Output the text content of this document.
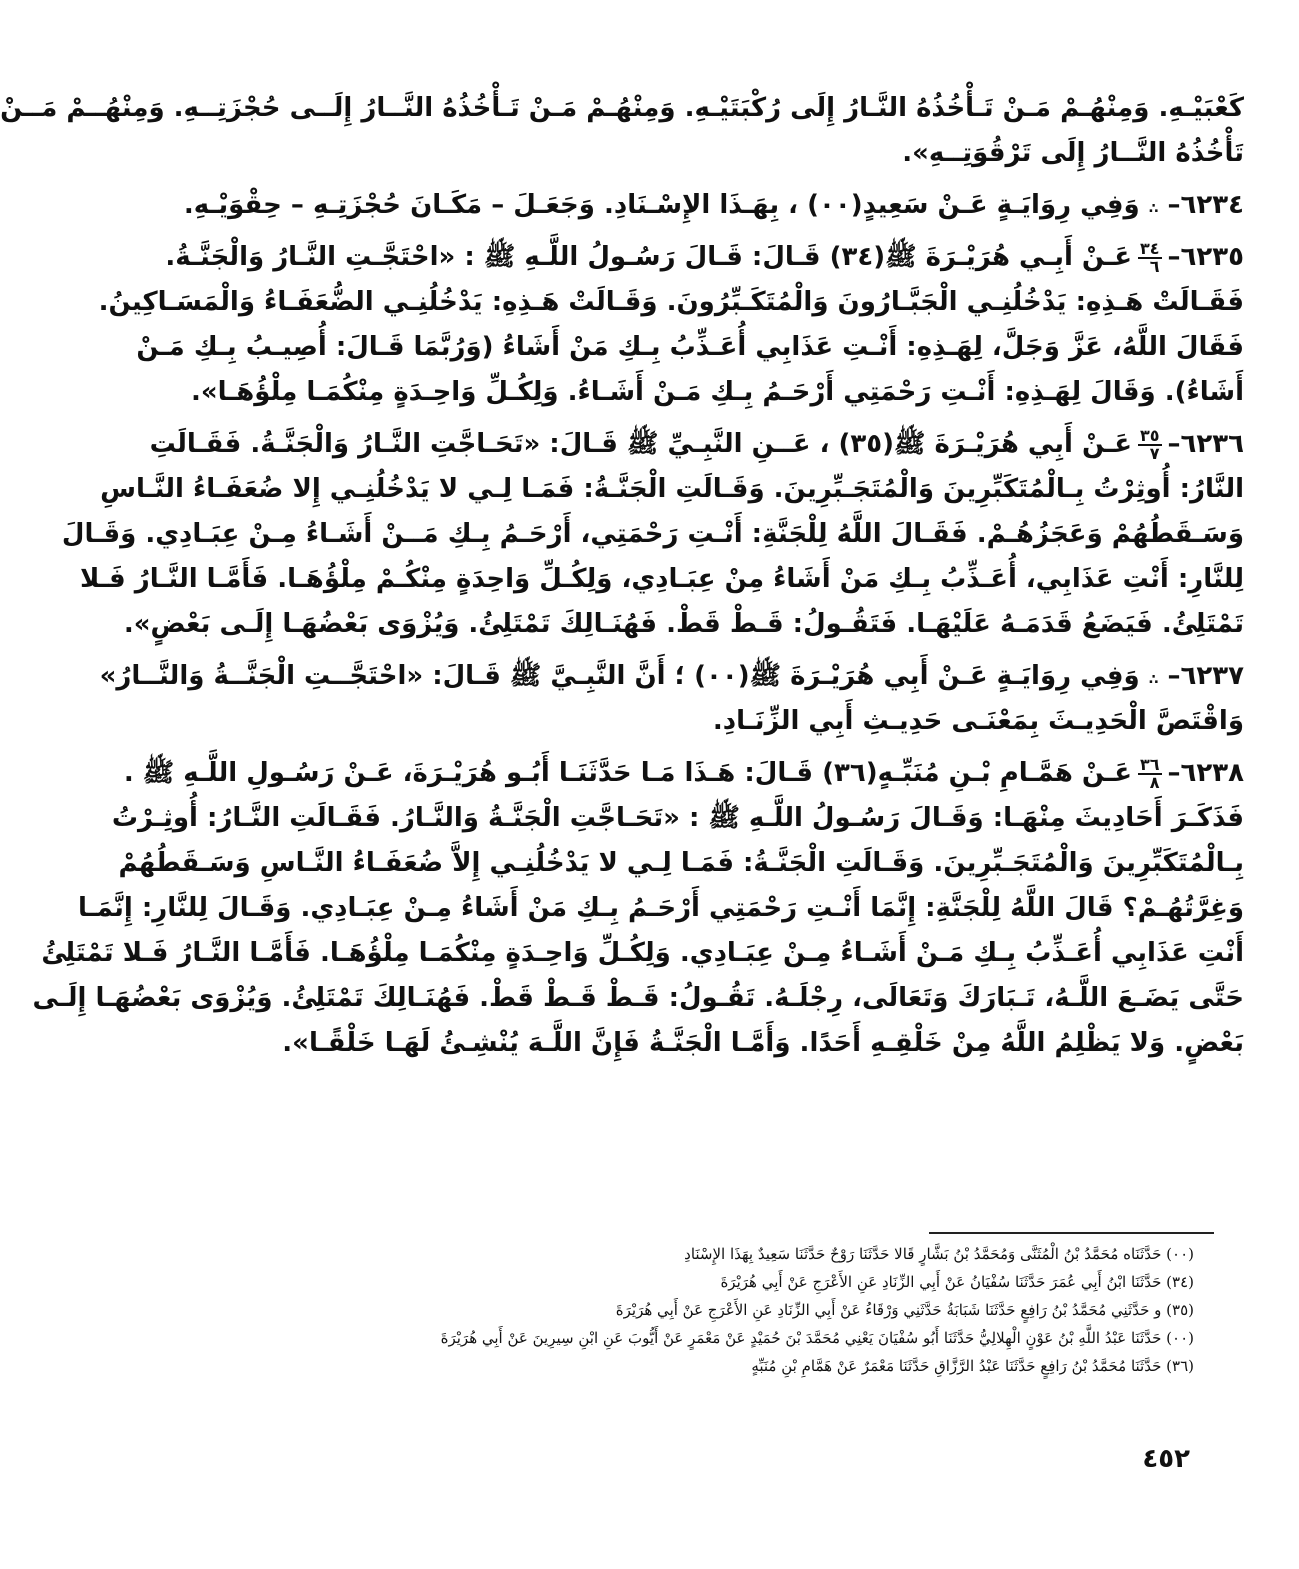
كَعْبَيْـهِ. وَمِنْهُـمْ مَـنْ تَـأْخُذُهُ النَّـارُ إِلَى رُكْبَتَيْـهِ. وَمِنْهُـمْ مَـنْ تَـأْخُذُهُ النَّــارُ إِلَــى حُجْزَتِــهِ. وَمِنْهُــمْ مَــنْ
تَأْخُذُهُ النَّــارُ إِلَى تَرْقُوَتِــهِ».
٦٢٣٤– ∴ وَفِي رِوَايَـةٍ عَـنْ سَعِيدٍ(٠٠) ، بِهَـذَا الإِسْـنَادِ. وَجَعَـلَ – مَكَـانَ حُجْزَتِـهِ – حِقْوَيْـهِ.
٦٢٣٥–
$\frac{٣٤}{٦}$
عَـنْ أَبِـي هُرَيْـرَةَ ﷺ(٣٤) قَـالَ: قَـالَ رَسُـولُ اللَّـهِ ﷺ : «احْتَجَّـتِ النَّـارُ وَالْجَنَّـةُ.
فَقَـالَتْ هَـذِهِ: يَدْخُلُنِـي الْجَبَّـارُونَ وَالْمُتَكَـبِّرُونَ. وَقَـالَتْ هَـذِهِ: يَدْخُلُنِـي الضُّعَفَـاءُ وَالْمَسَـاكِينُ.
فَقَالَ اللَّهُ، عَزَّ وَجَلَّ، لِهَـذِهِ: أَنْـتِ عَذَابِي أُعَـذِّبُ بِـكِ مَنْ أَشَاءُ (وَرُبَّمَا قَـالَ: أُصِيـبُ بِـكِ مَـنْ
أَشَاءُ). وَقَالَ لِهَـذِهِ: أَنْـتِ رَحْمَتِي أَرْحَـمُ بِـكِ مَـنْ أَشَـاءُ. وَلِكُـلِّ وَاحِـدَةٍ مِنْكُمَـا مِلْؤُهَـا».
٦٢٣٦–
$\frac{٣٥}{٧}$
عَـنْ أَبِي هُرَيْـرَةَ ﷺ(٣٥) ، عَــنِ النَّبِـيِّ ﷺ قَـالَ: «تَحَـاجَّتِ النَّـارُ وَالْجَنَّـةُ. فَقَـالَتِ
النَّارُ: أُوثِرْتُ بِـالْمُتَكَبِّرِينَ وَالْمُتَجَـبِّرِينَ. وَقَـالَتِ الْجَنَّـةُ: فَمَـا لِـي لا يَدْخُلُنِـي إِلا ضُعَفَـاءُ النَّـاسِ
وَسَـقَطُهُمْ وَعَجَزُهُـمْ. فَقَـالَ اللَّهُ لِلْجَنَّةِ: أَنْـتِ رَحْمَتِي، أَرْحَـمُ بِـكِ مَــنْ أَشَـاءُ مِـنْ عِبَـادِي. وَقَـالَ
لِلنَّارِ: أَنْتِ عَذَابِي، أُعَـذِّبُ بِـكِ مَنْ أَشَاءُ مِنْ عِبَـادِي، وَلِكُـلِّ وَاحِدَةٍ مِنْكُـمْ مِلْؤُهَـا. فَأَمَّـا النَّـارُ فَـلا
تَمْتَلِئُ. فَيَضَعُ قَدَمَـهُ عَلَيْهَـا. فَتَقُـولُ: قَـطْ قَطْ. فَهُنَـالِكَ تَمْتَلِئُ. وَيُزْوَى بَعْضُهَـا إِلَـى بَعْضٍ».
٦٢٣٧– ∴ وَفِي رِوَايَـةٍ عَـنْ أَبِي هُرَيْـرَةَ ﷺ(٠٠) ؛ أَنَّ النَّبِـيَّ ﷺ قَـالَ: «احْتَجَّــتِ الْجَنَّــةُ وَالنَّــارُ»
وَاقْتَصَّ الْحَدِيـثَ بِمَعْنَـى حَدِيـثِ أَبِي الزِّنَـادِ.
٦٢٣٨–
$\frac{٣٦}{٨}$
عَـنْ هَمَّـامِ بْـنِ مُنَبِّـهٍ(٣٦) قَـالَ: هَـذَا مَـا حَدَّثَنَـا أَبُـو هُرَيْـرَةَ، عَـنْ رَسُـولِ اللَّـهِ ﷺ .
فَذَكَـرَ أَحَادِيثَ مِنْهَـا: وَقَـالَ رَسُـولُ اللَّـهِ ﷺ : «تَحَـاجَّتِ الْجَنَّـةُ وَالنَّـارُ. فَقَـالَتِ النَّـارُ: أُوثِـرْتُ
بِـالْمُتَكَبِّرِينَ وَالْمُتَجَـبِّرِينَ. وَقَـالَتِ الْجَنَّـةُ: فَمَـا لِـي لا يَدْخُلُنِـي إِلاَّ ضُعَفَـاءُ النَّـاسِ وَسَـقَطُهُمْ
وَغِرَّتُهُـمْ؟ قَالَ اللَّهُ لِلْجَنَّةِ: إِنَّمَا أَنْـتِ رَحْمَتِي أَرْحَـمُ بِـكِ مَنْ أَشَاءُ مِـنْ عِبَـادِي. وَقَـالَ لِلنَّارِ: إِنَّمَـا
أَنْتِ عَذَابِي أُعَـذِّبُ بِـكِ مَـنْ أَشَـاءُ مِـنْ عِبَـادِي. وَلِكُـلِّ وَاحِـدَةٍ مِنْكُمَـا مِلْؤُهَـا. فَأَمَّـا النَّـارُ فَـلا تَمْتَلِئُ
حَتَّى يَضَـعَ اللَّـهُ، تَـبَارَكَ وَتَعَالَى، رِجْلَـهُ. تَقُـولُ: قَـطْ قَـطْ قَطْ. فَهُنَـالِكَ تَمْتَلِئُ. وَيُزْوَى بَعْضُهَـا إِلَـى
بَعْضٍ. وَلا يَظْلِمُ اللَّهُ مِنْ خَلْقِـهِ أَحَدًا. وَأَمَّـا الْجَنَّـةُ فَإِنَّ اللَّـهَ يُنْشِـئُ لَهَـا خَلْقًـا».
(٠٠) حَدَّثَنَاه مُحَمَّدُ بْنُ الْمُثَنَّى وَمُحَمَّدُ بْنُ بَشَّارٍ قَالا حَدَّثَنَا رَوْحٌ حَدَّثَنَا سَعِيدٌ بِهَذَا الإِسْنَادِ
(٣٤) حَدَّثَنَا ابْنُ أَبِي عُمَرَ حَدَّثَنَا سُفْيَانُ عَنْ أَبِي الزِّنَادِ عَنِ الأَعْرَجِ عَنْ أَبِي هُرَيْرَةَ
(٣٥) و حَدَّثَنِي مُحَمَّدُ بْنُ رَافِعٍ حَدَّثَنَا شَبَابَةُ حَدَّثَنِي وَرْقَاءُ عَنْ أَبِي الزِّنَادِ عَنِ الأَعْرَجِ عَنْ أَبِي هُرَيْرَةَ
(٠٠) حَدَّثَنَا عَبْدُ اللَّهِ بْنُ عَوْنٍ الْهِلالِيُّ حَدَّثَنَا أَبُو سُفْيَانَ يَعْنِي مُحَمَّدَ بْنَ حُمَيْدٍ عَنْ مَعْمَرٍ عَنْ أَيُّوبَ عَنِ ابْنِ سِيرِينَ عَنْ أَبِي هُرَيْرَةَ
(٣٦) حَدَّثَنَا مُحَمَّدُ بْنُ رَافِعٍ حَدَّثَنَا عَبْدُ الرَّزَّاقِ حَدَّثَنَا مَعْمَرٌ عَنْ هَمَّامِ بْنِ مُنَبِّهٍ
٤٥٢
